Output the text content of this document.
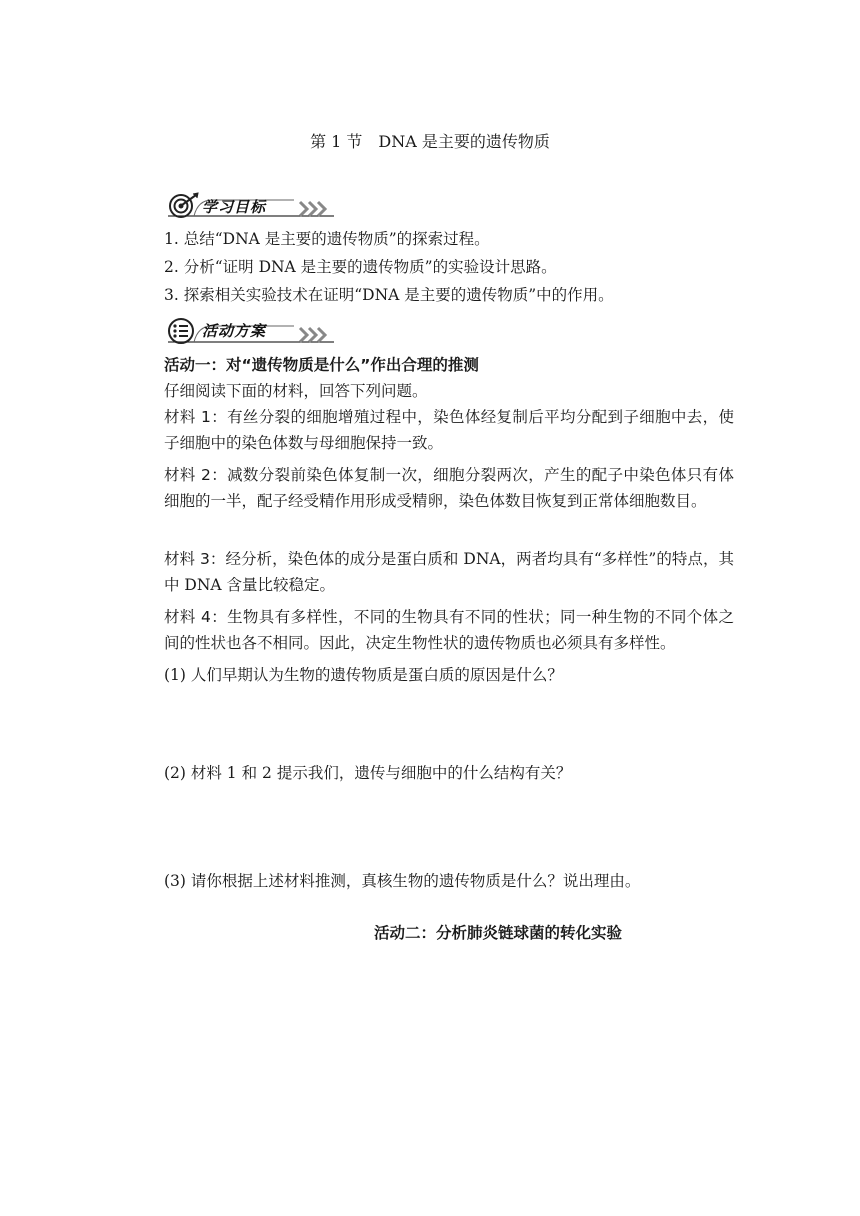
第 1 节　DNA 是主要的遗传物质
学习目标
1. 总结“DNA 是主要的遗传物质”的探索过程。
2. 分析“证明 DNA 是主要的遗传物质”的实验设计思路。
3. 探索相关实验技术在证明“DNA 是主要的遗传物质”中的作用。
活动方案
活动一：对“遗传物质是什么”作出合理的推测
仔细阅读下面的材料，回答下列问题。
材料 1：有丝分裂的细胞增殖过程中，染色体经复制后平均分配到子细胞中去，使子细胞中的染色体数与母细胞保持一致。
材料 2：减数分裂前染色体复制一次，细胞分裂两次，产生的配子中染色体只有体细胞的一半，配子经受精作用形成受精卵，染色体数目恢复到正常体细胞数目。
材料 3：经分析，染色体的成分是蛋白质和 DNA，两者均具有“多样性”的特点，其中 DNA 含量比较稳定。
材料 4：生物具有多样性，不同的生物具有不同的性状；同一种生物的不同个体之间的性状也各不相同。因此，决定生物性状的遗传物质也必须具有多样性。
(1) 人们早期认为生物的遗传物质是蛋白质的原因是什么？
(2) 材料 1 和 2 提示我们，遗传与细胞中的什么结构有关？
(3) 请你根据上述材料推测，真核生物的遗传物质是什么？说出理由。
活动二：分析肺炎链球菌的转化实验
